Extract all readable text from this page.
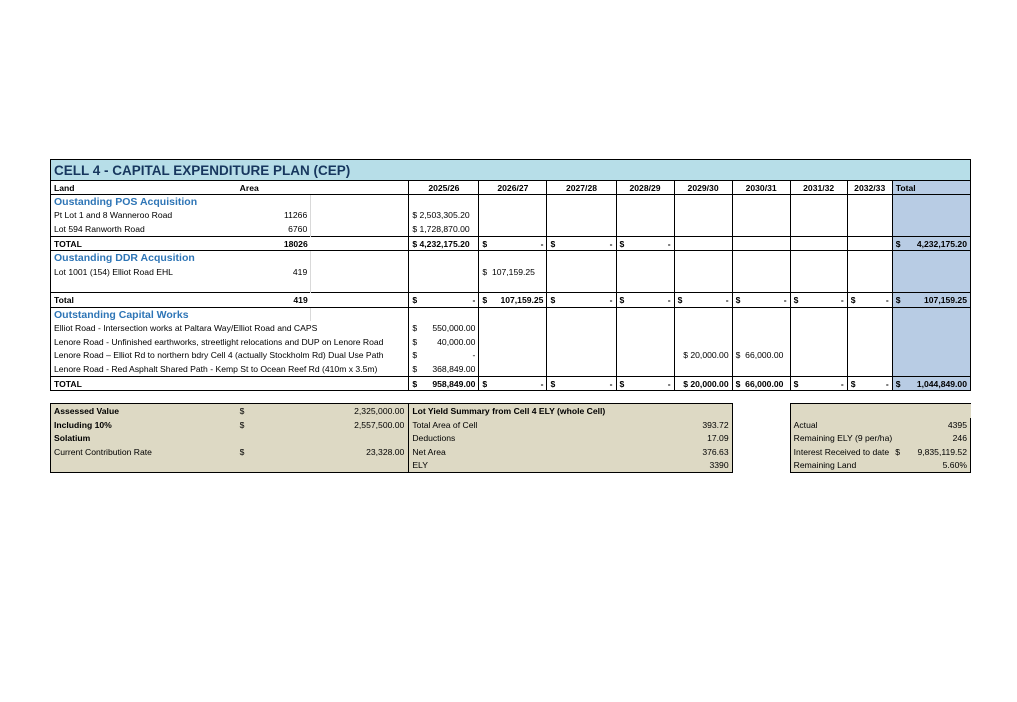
CELL 4 - CAPITAL EXPENDITURE PLAN (CEP)											
Land	Area		2025/26	2026/27	2027/28	2028/29	2029/30	2030/31	2031/32	2032/33	Total
Oustanding POS Acquisition											
Pt Lot 1 and 8 Wanneroo Road	11266		$ 2,503,305.20								
Lot 594 Ranworth Road	6760		$ 1,728,870.00								
TOTAL	18026		$ 4,232,175.20	$ -	$ -	$ -					$ 4,232,175.20

Oustanding DDR Acqusition											
Lot 1001 (154) Elliot Road EHL	419			$ 107,159.25							

Total	419		$ -	$ 107,159.25	$ -	$ -	$ -	$ -	$ -	$ -	$ 107,159.25

Outstanding Capital Works											
Elliot Road - Intersection works at Paltara Way/Elliot Road and CAPS			$ 550,000.00								

Lenore Road - Unfinished earthworks, streetlight relocations and DUP on Lenore Road			$ 40,000.00								

Lenore Road – Elliot Rd to northern bdry Cell 4 (actually Stockholm Rd) Dual Use Path			$ -				$ 20,000.00	$ 66,000.00			
Lenore Road - Red Asphalt Shared Path - Kemp St to Ocean Reef Rd (410m x 3.5m)			$ 368,849.00								

TOTAL			$ 958,849.00	$ -	$ -	$ -	$ 20,000.00	$ 66,000.00	$ -	$ -	$ 1,044,849.00

Assessed Value	$ 2,325,000.00		Lot Yield Summary from Cell 4 ELY (whole Cell)								
Including 10%	$ 2,557,500.00		Total Area of Cell				393.72		Actual		4395
Solatium			Deductions				17.09		Remaining ELY (9 per/ha)		246
Current Contribution Rate	$ 23,328.00		Net Area				376.63		Interest Received to date		$ 9,835,119.52

			ELY				3390		Remaining Land		5.60%
